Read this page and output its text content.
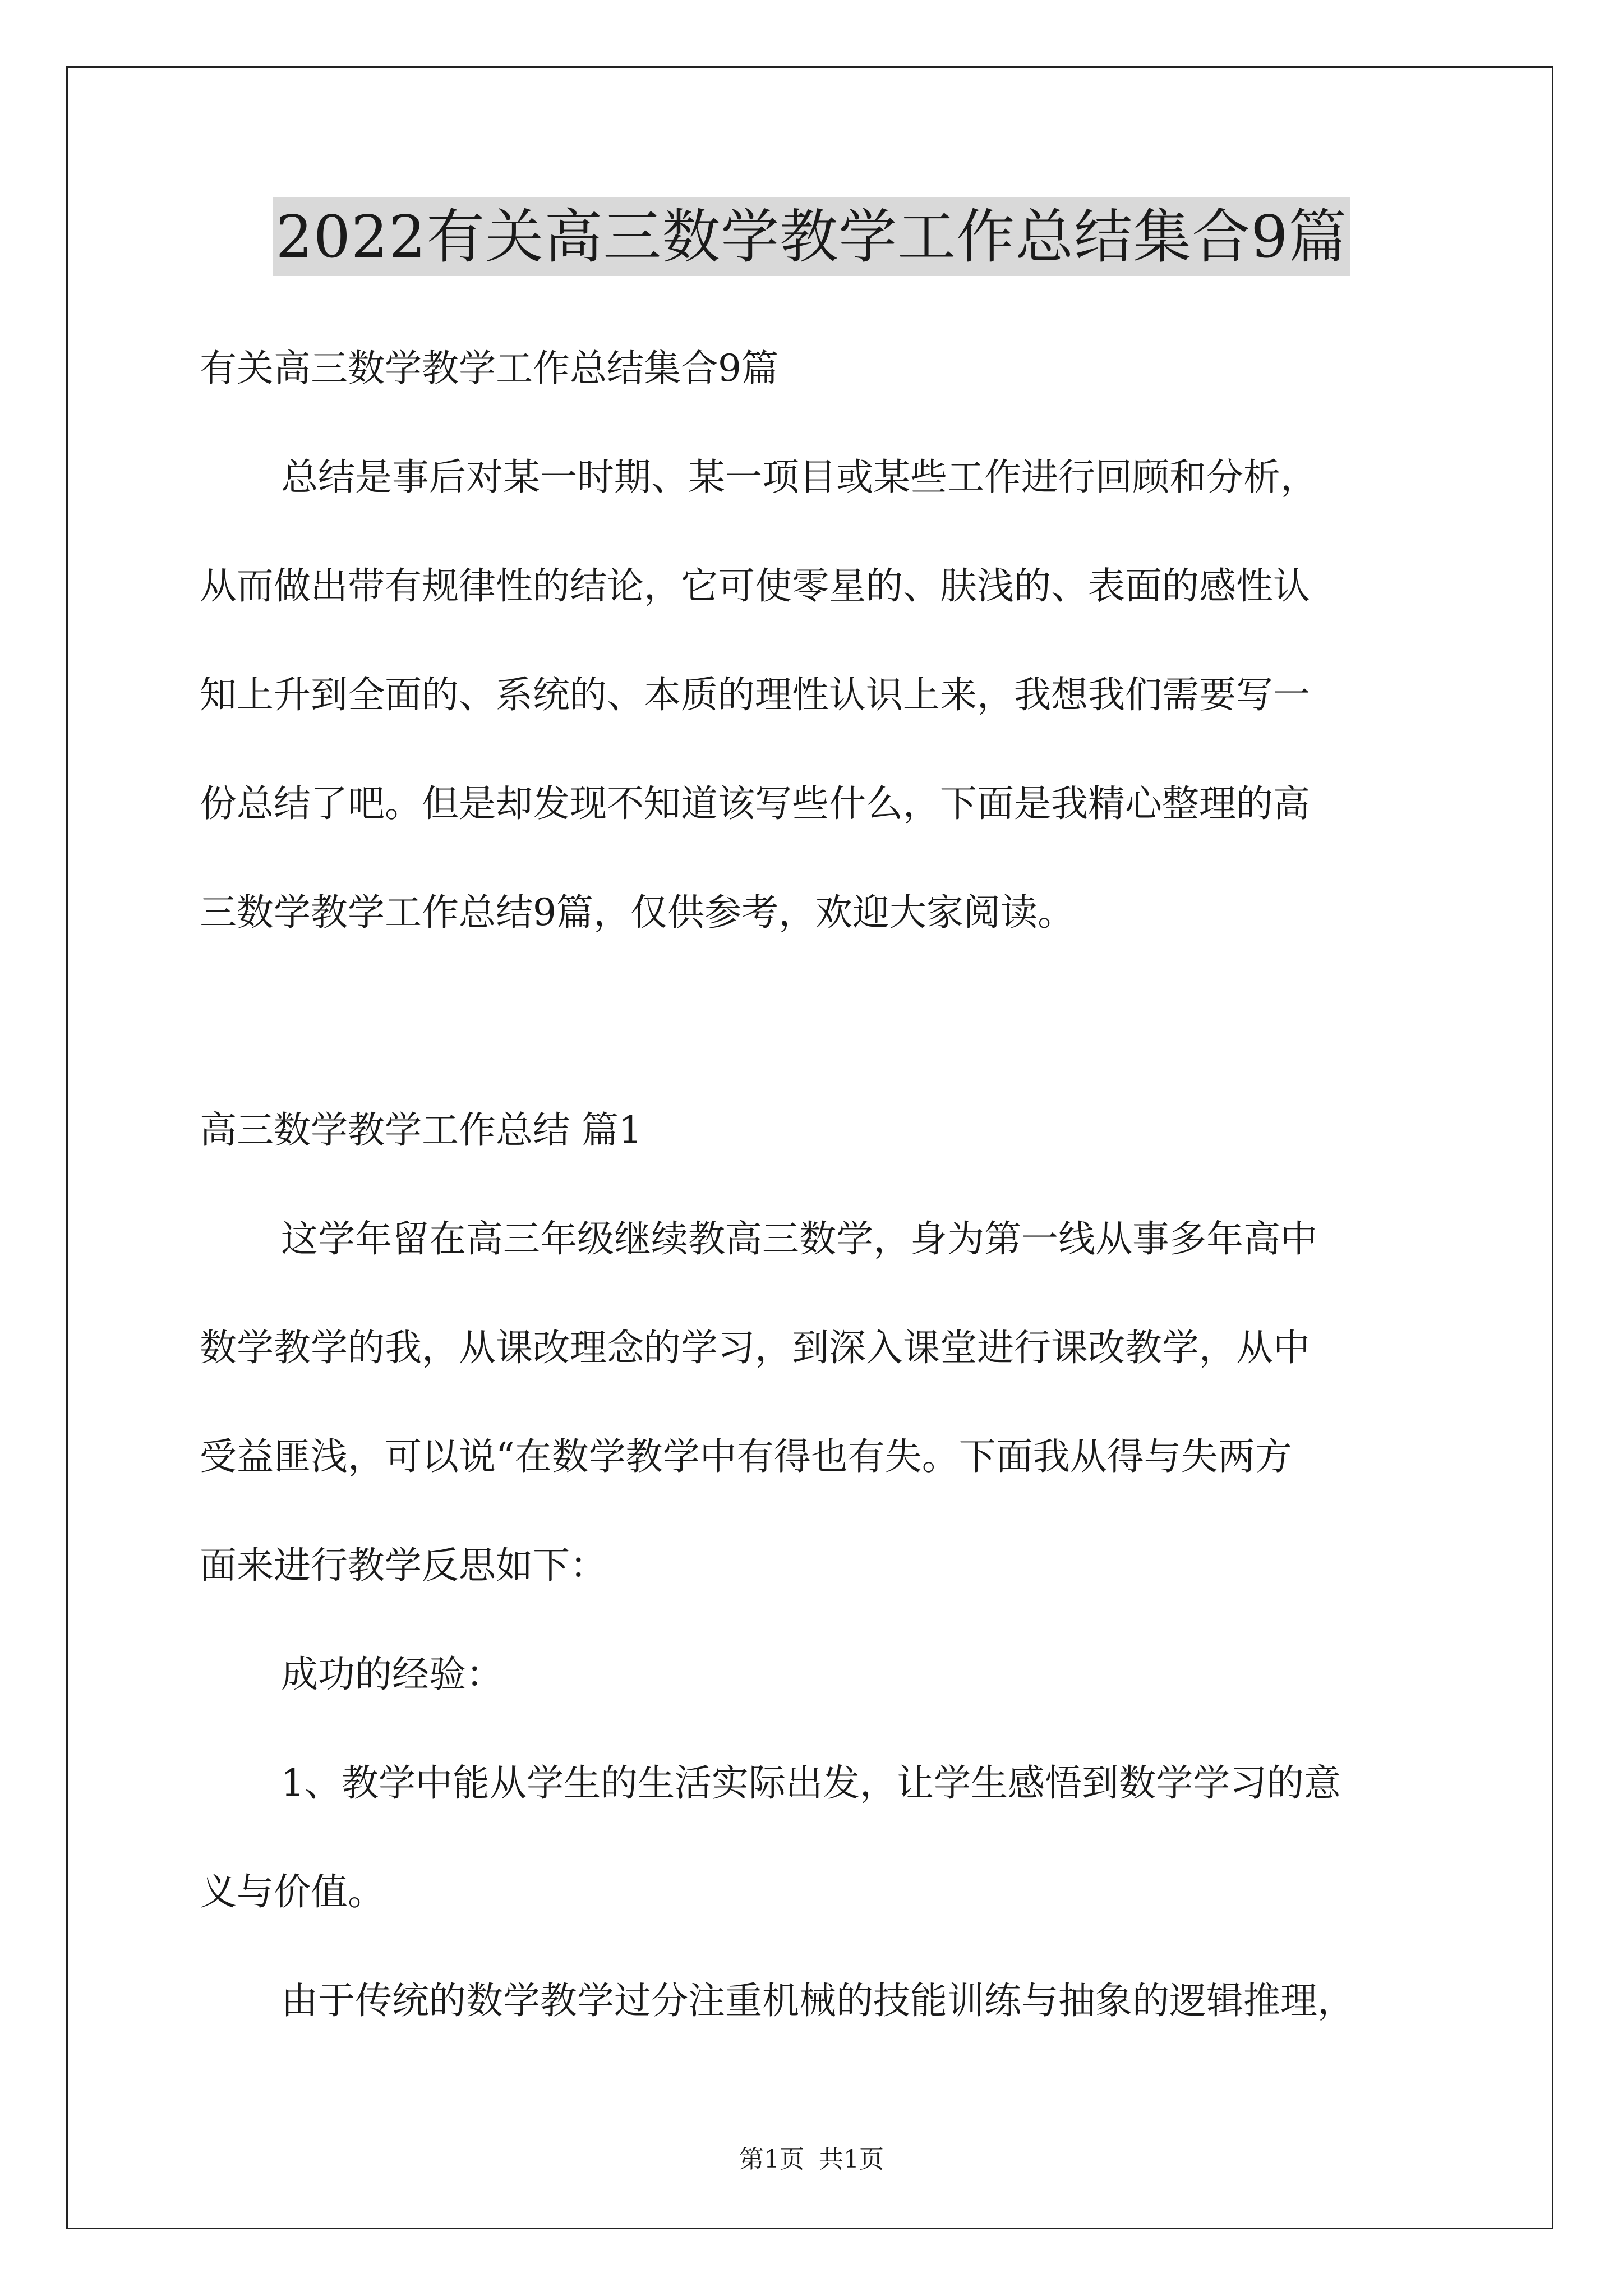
2022有关高三数学教学工作总结集合9篇
有关高三数学教学工作总结集合9篇
总结是事后对某一时期、某一项目或某些工作进行回顾和分析，
从而做出带有规律性的结论，它可使零星的、肤浅的、表面的感性认
知上升到全面的、系统的、本质的理性认识上来，我想我们需要写一
份总结了吧。但是却发现不知道该写些什么，下面是我精心整理的高
三数学教学工作总结9篇，仅供参考，欢迎大家阅读。
高三数学教学工作总结 篇1
这学年留在高三年级继续教高三数学，身为第一线从事多年高中
数学教学的我，从课改理念的学习，到深入课堂进行课改教学，从中
受益匪浅，可以说“在数学教学中有得也有失。下面我从得与失两方
面来进行教学反思如下：
成功的经验：
1、教学中能从学生的生活实际出发，让学生感悟到数学学习的意
义与价值。
由于传统的数学教学过分注重机械的技能训练与抽象的逻辑推理，
第1页 共1页
